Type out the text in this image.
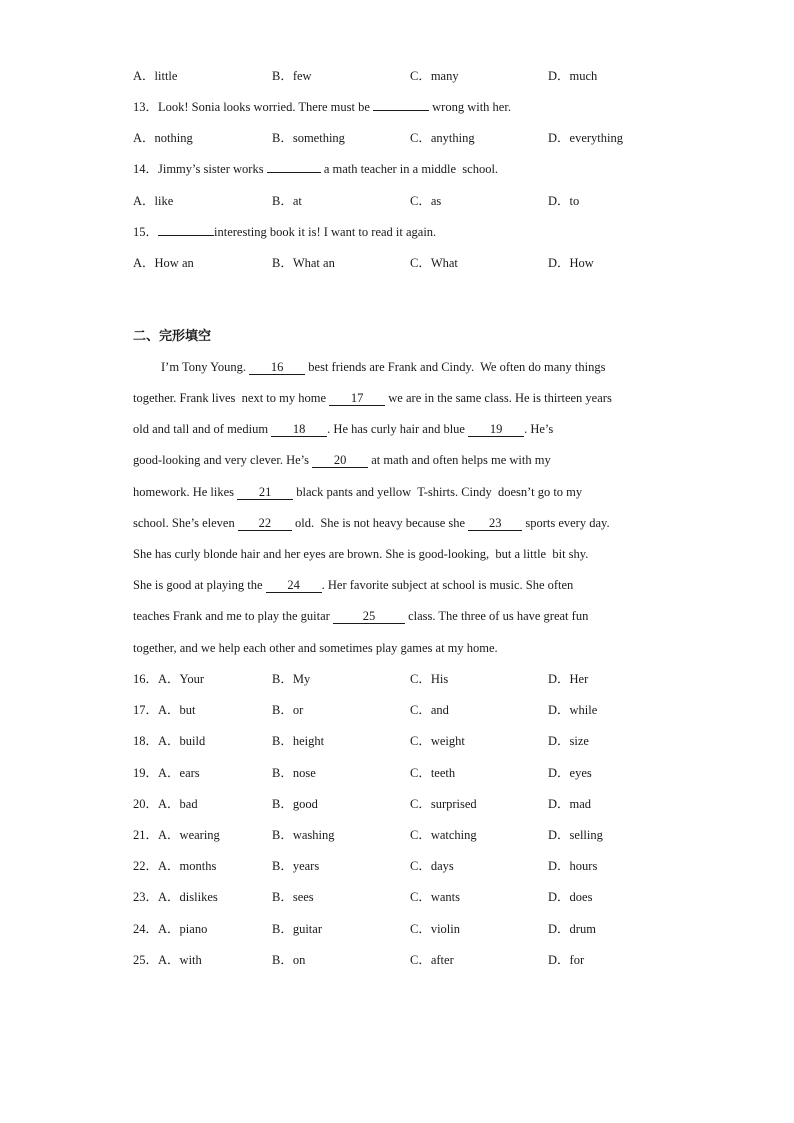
A．little	B．few	C．many	D．much
13．Look! Sonia looks worried. There must be	wrong with her.
A．nothing	B．something	C．anything	D．everything
14．Jimmy’s sister works	a math teacher in a middle  school.
A．like	B．at	C．as	D．to
15．	interesting book it is! I want to read it again.
A．How an	B．What an	C．What	D．How
二、完形填空
I’m Tony Young. 16 best friends are Frank and Cindy.  We often do many things
together. Frank lives  next to my home 17 we are in the same class. He is thirteen years
old and tall and of medium 18 . He has curly hair and blue 19 . He’s
good-looking and very clever. He’s 20 at math and often helps me with my
homework. He likes 21 black pants and yellow  T-shirts. Cindy  doesn’t go to my
school. She’s eleven 22 old.  She is not heavy because she 23 sports every day.
She has curly blonde hair and her eyes are brown. She is good-looking,  but a little  bit shy.
She is good at playing the 24 . Her favorite subject at school is music. She often
teaches Frank and me to play the guitar 25 class. The three of us have great fun
together, and we help each other and sometimes play games at my home.
16．A．Your	B．My	C．His	D．Her
17．A．but	B．or	C．and	D．while
18．A．build	B．height	C．weight	D．size
19．A．ears	B．nose	C．teeth	D．eyes
20．A．bad	B．good	C．surprised	D．mad
21．A．wearing	B．washing	C．watching	D．selling
22．A．months	B．years	C．days	D．hours
23．A．dislikes	B．sees	C．wants	D．does
24．A．piano	B．guitar	C．violin	D．drum
25．A．with	B．on	C．after	D．for
